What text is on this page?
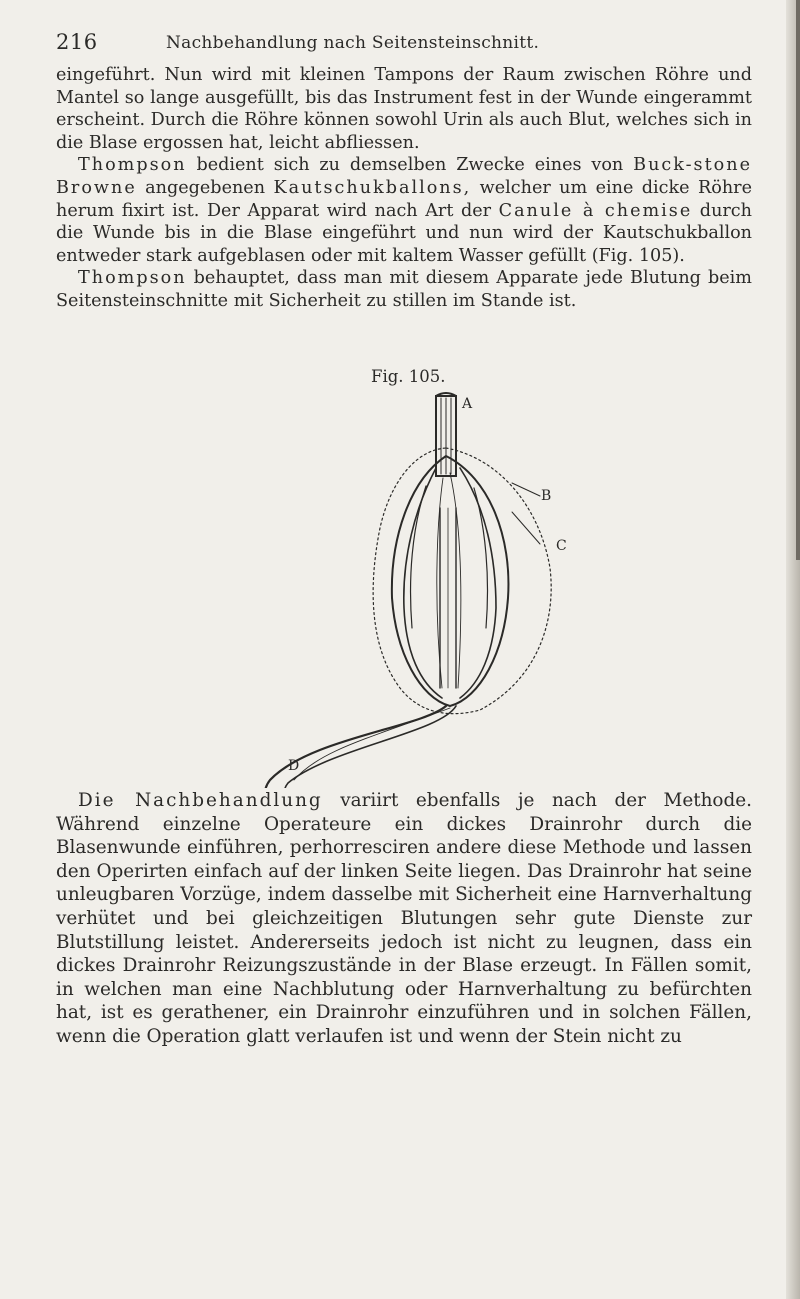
216	Nachbehandlung nach Seitensteinschnitt.

eingeführt. Nun wird mit kleinen Tampons der Raum zwischen Röhre und Mantel so lange ausgefüllt, bis das Instrument fest in der Wunde eingerammt erscheint. Durch die Röhre können sowohl Urin als auch Blut, welches sich in die Blase ergossen hat, leicht abfliessen.
Thompson bedient sich zu demselben Zwecke eines von Buck-stone Browne angegebenen Kautschukballons, welcher um eine dicke Röhre herum fixirt ist. Der Apparat wird nach Art der Canule à chemise durch die Wunde bis in die Blase eingeführt und nun wird der Kautschukballon entweder stark aufgeblasen oder mit kaltem Wasser gefüllt (Fig. 105).
Thompson behauptet, dass man mit diesem Apparate jede Blutung beim Seitensteinschnitte mit Sicherheit zu stillen im Stande ist.

Fig. 105.
A
B
C
D

Die Nachbehandlung variirt ebenfalls je nach der Methode. Während einzelne Operateure ein dickes Drainrohr durch die Blasenwunde einführen, perhorresciren andere diese Methode und lassen den Operirten einfach auf der linken Seite liegen. Das Drainrohr hat seine unleugbaren Vorzüge, indem dasselbe mit Sicherheit eine Harnverhaltung verhütet und bei gleichzeitigen Blutungen sehr gute Dienste zur Blutstillung leistet. Andererseits jedoch ist nicht zu leugnen, dass ein dickes Drainrohr Reizungszustände in der Blase erzeugt. In Fällen somit, in welchen man eine Nachblutung oder Harnverhaltung zu befürchten hat, ist es gerathener, ein Drainrohr einzuführen und in solchen Fällen, wenn die Operation glatt verlaufen ist und wenn der Stein nicht zu
